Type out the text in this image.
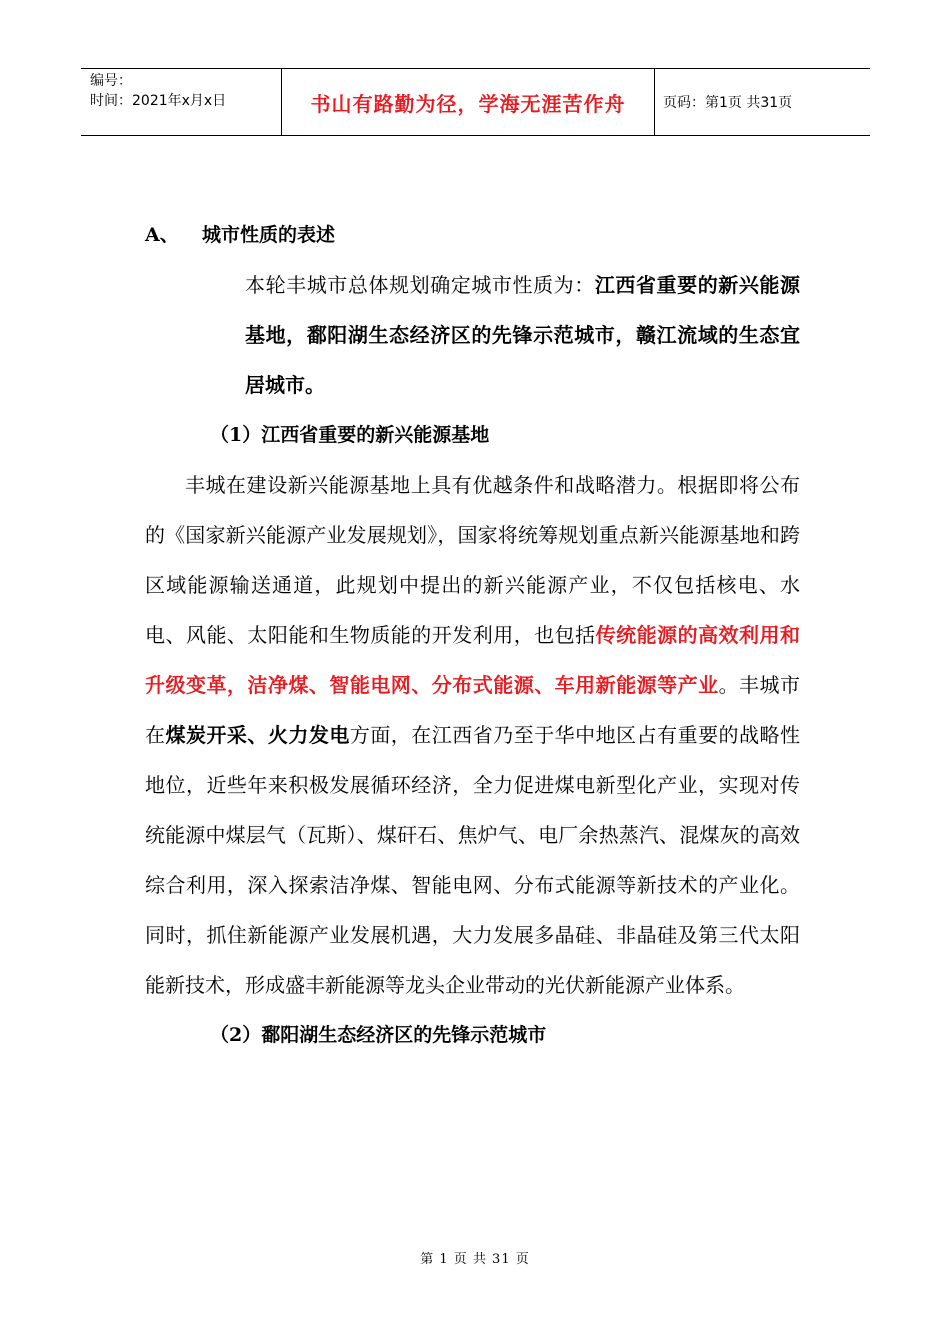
编号：
时间：2021年x月x日	书山有路勤为径，学海无涯苦作舟	页码：第1页 共31页
A、	城市性质的表述

本轮丰城市总体规划确定城市性质为：江西省重要的新兴能源基地，鄱阳湖生态经济区的先锋示范城市，赣江流域的生态宜居城市。

（1）江西省重要的新兴能源基地

丰城在建设新兴能源基地上具有优越条件和战略潜力。根据即将公布的《国家新兴能源产业发展规划》，国家将统筹规划重点新兴能源基地和跨区域能源输送通道，此规划中提出的新兴能源产业，不仅包括核电、水电、风能、太阳能和生物质能的开发利用，也包括传统能源的高效利用和升级变革，洁净煤、智能电网、分布式能源、车用新能源等产业。丰城市在煤炭开采、火力发电方面，在江西省乃至于华中地区占有重要的战略性地位，近些年来积极发展循环经济，全力促进煤电新型化产业，实现对传统能源中煤层气（瓦斯）、煤矸石、焦炉气、电厂余热蒸汽、混煤灰的高效综合利用，深入探索洁净煤、智能电网、分布式能源等新技术的产业化。同时，抓住新能源产业发展机遇，大力发展多晶硅、非晶硅及第三代太阳能新技术，形成盛丰新能源等龙头企业带动的光伏新能源产业体系。

（2）鄱阳湖生态经济区的先锋示范城市
第 1 页 共 31 页
